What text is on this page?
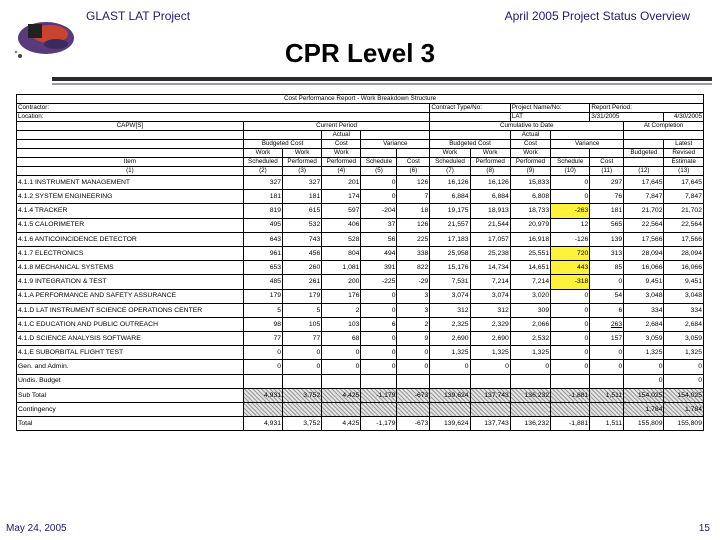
GLAST LAT Project	April 2005 Project Status Overview
CPR Level 3
Cost Performance Report - Work Breakdown Structure												
Contractor:						Contract Type/No:		Project Name/No:		Report Period:		
Location:								LAT		3/31/2005		4/30/2005
CAPW[S]	Current Period					Cumulative to Date					At Completion	
			Actual					Actual				
	Budgeted Cost		Cost	Variance		Budgeted Cost		Cost	Variance			Latest
	Work	Work	Work			Work	Work	Work			Budgeted	Revised
Item	Scheduled	Performed	Performed	Schedule	Cost	Scheduled	Performed	Performed	Schedule	Cost		Estimate
(1)	(2)	(3)	(4)	(5)	(6)	(7)	(8)	(9)	(10)	(11)	(12)	(13)
4.1.1 INSTRUMENT MANAGEMENT	327	327	201	0	126	16,126	16,126	15,833	0	297	17,645	17,645
4.1.2 SYSTEM ENGINEERING	181	181	174	0	7	6,884	6,884	6,808	0	76	7,847	7,847
4.1.4 TRACKER	819	615	597	-204	18	19,175	18,913	18,733	-263	181	21,702	21,702
4.1.5 CALORIMETER	495	532	406	37	126	21,557	21,544	20,979	12	565	22,564	22,564
4.1.6 ANTICOINCIDENCE DETECTOR	643	743	528	56	225	17,183	17,057	16,918	-126	139	17,566	17,566
4.1.7 ELECTRONICS	961	456	804	494	338	25,958	25,238	25,551	720	313	28,094	28,094
4.1.8 MECHANICAL SYSTEMS	653	260	1,081	391	822	15,176	14,734	14,651	443	85	16,066	16,066
4.1.9 INTEGRATION & TEST	485	261	200	-225	-29	7,531	7,214	7,214	-318	0	9,451	9,451
4.1.A PERFORMANCE AND SAFETY ASSURANCE	179	179	176	0	3	3,074	3,074	3,020	0	54	3,048	3,048
4.1.D LAT INSTRUMENT SCIENCE OPERATIONS CENTER	5	5	2	0	3	312	312	309	0	6	334	334
4.1.C EDUCATION AND PUBLIC OUTREACH	98	105	103	6	2	2,325	2,329	2,066	0	263	2,684	2,684
4.1.D SCIENCE ANALYSIS SOFTWARE	77	77	68	0	9	2,690	2,690	2,532	0	157	3,059	3,059
4.1.E SUBORBITAL FLIGHT TEST	0	0	0	0	0	1,325	1,325	1,325	0	0	1,325	1,325
Gen. and Admin.	0	0	0	0	0	0	0	0	0	0	0	0
Undis. Budget											0	0
Sub Total	4,931	3,752	4,425	-1,179	-673	139,624	137,743	136,232	-1,881	1,511	154,025	154,025
Contingency											1,784	1,784
Total	4,931	3,752	4,425	-1,179	-673	139,624	137,743	136,232	-1,881	1,511	155,809	155,809
May 24, 2005	15
